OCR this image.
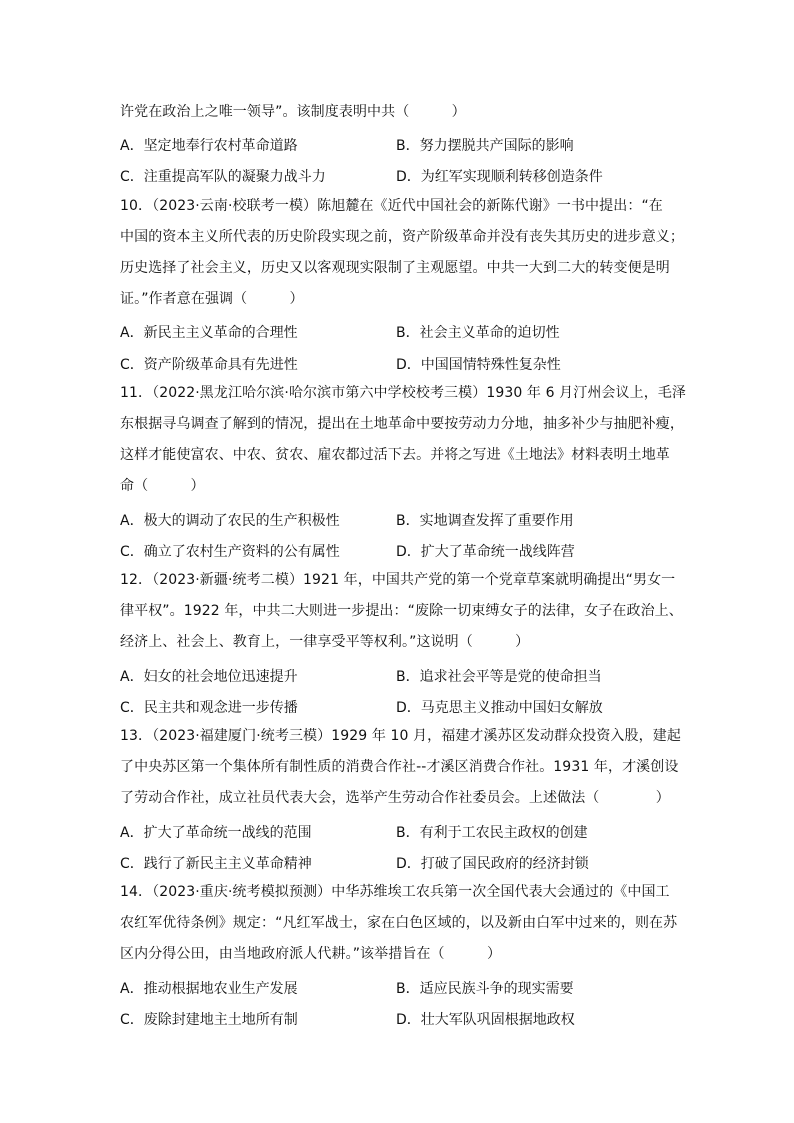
许党在政治上之唯一领导”。该制度表明中共（　　　）
A．坚定地奉行农村革命道路	B．努力摆脱共产国际的影响
C．注重提高军队的凝聚力战斗力	D．为红军实现顺利转移创造条件
10．（2023·云南·校联考一模）陈旭麓在《近代中国社会的新陈代谢》一书中提出：“在
中国的资本主义所代表的历史阶段实现之前，资产阶级革命并没有丧失其历史的进步意义；
历史选择了社会主义，历史又以客观现实限制了主观愿望。中共一大到二大的转变便是明
证。”作者意在强调（　　　）
A．新民主主义革命的合理性	B．社会主义革命的迫切性
C．资产阶级革命具有先进性	D．中国国情特殊性复杂性
11．（2022·黑龙江哈尔滨·哈尔滨市第六中学校校考三模）1930 年 6 月汀州会议上，毛泽
东根据寻乌调查了解到的情况，提出在土地革命中要按劳动力分地，抽多补少与抽肥补瘦，
这样才能使富农、中农、贫农、雇农都过活下去。并将之写进《土地法》材料表明土地革
命（　　　）
A．极大的调动了农民的生产积极性	B．实地调查发挥了重要作用
C．确立了农村生产资料的公有属性	D．扩大了革命统一战线阵营
12．（2023·新疆·统考二模）1921 年，中国共产党的第一个党章草案就明确提出“男女一
律平权”。1922 年，中共二大则进一步提出：“废除一切束缚女子的法律，女子在政治上、
经济上、社会上、教育上，一律享受平等权利。”这说明（　　　）
A．妇女的社会地位迅速提升	B．追求社会平等是党的使命担当
C．民主共和观念进一步传播	D．马克思主义推动中国妇女解放
13．（2023·福建厦门·统考三模）1929 年 10 月，福建才溪苏区发动群众投资入股，建起
了中央苏区第一个集体所有制性质的消费合作社--才溪区消费合作社。1931 年，才溪创设
了劳动合作社，成立社员代表大会，选举产生劳动合作社委员会。上述做法（　　　　）
A．扩大了革命统一战线的范围	B．有利于工农民主政权的创建
C．践行了新民主主义革命精神	D．打破了国民政府的经济封锁
14．（2023·重庆·统考模拟预测）中华苏维埃工农兵第一次全国代表大会通过的《中国工
农红军优待条例》规定：“凡红军战士，家在白色区域的，以及新由白军中过来的，则在苏
区内分得公田，由当地政府派人代耕。”该举措旨在（　　　）
A．推动根据地农业生产发展	B．适应民族斗争的现实需要
C．废除封建地主土地所有制	D．壮大军队巩固根据地政权
